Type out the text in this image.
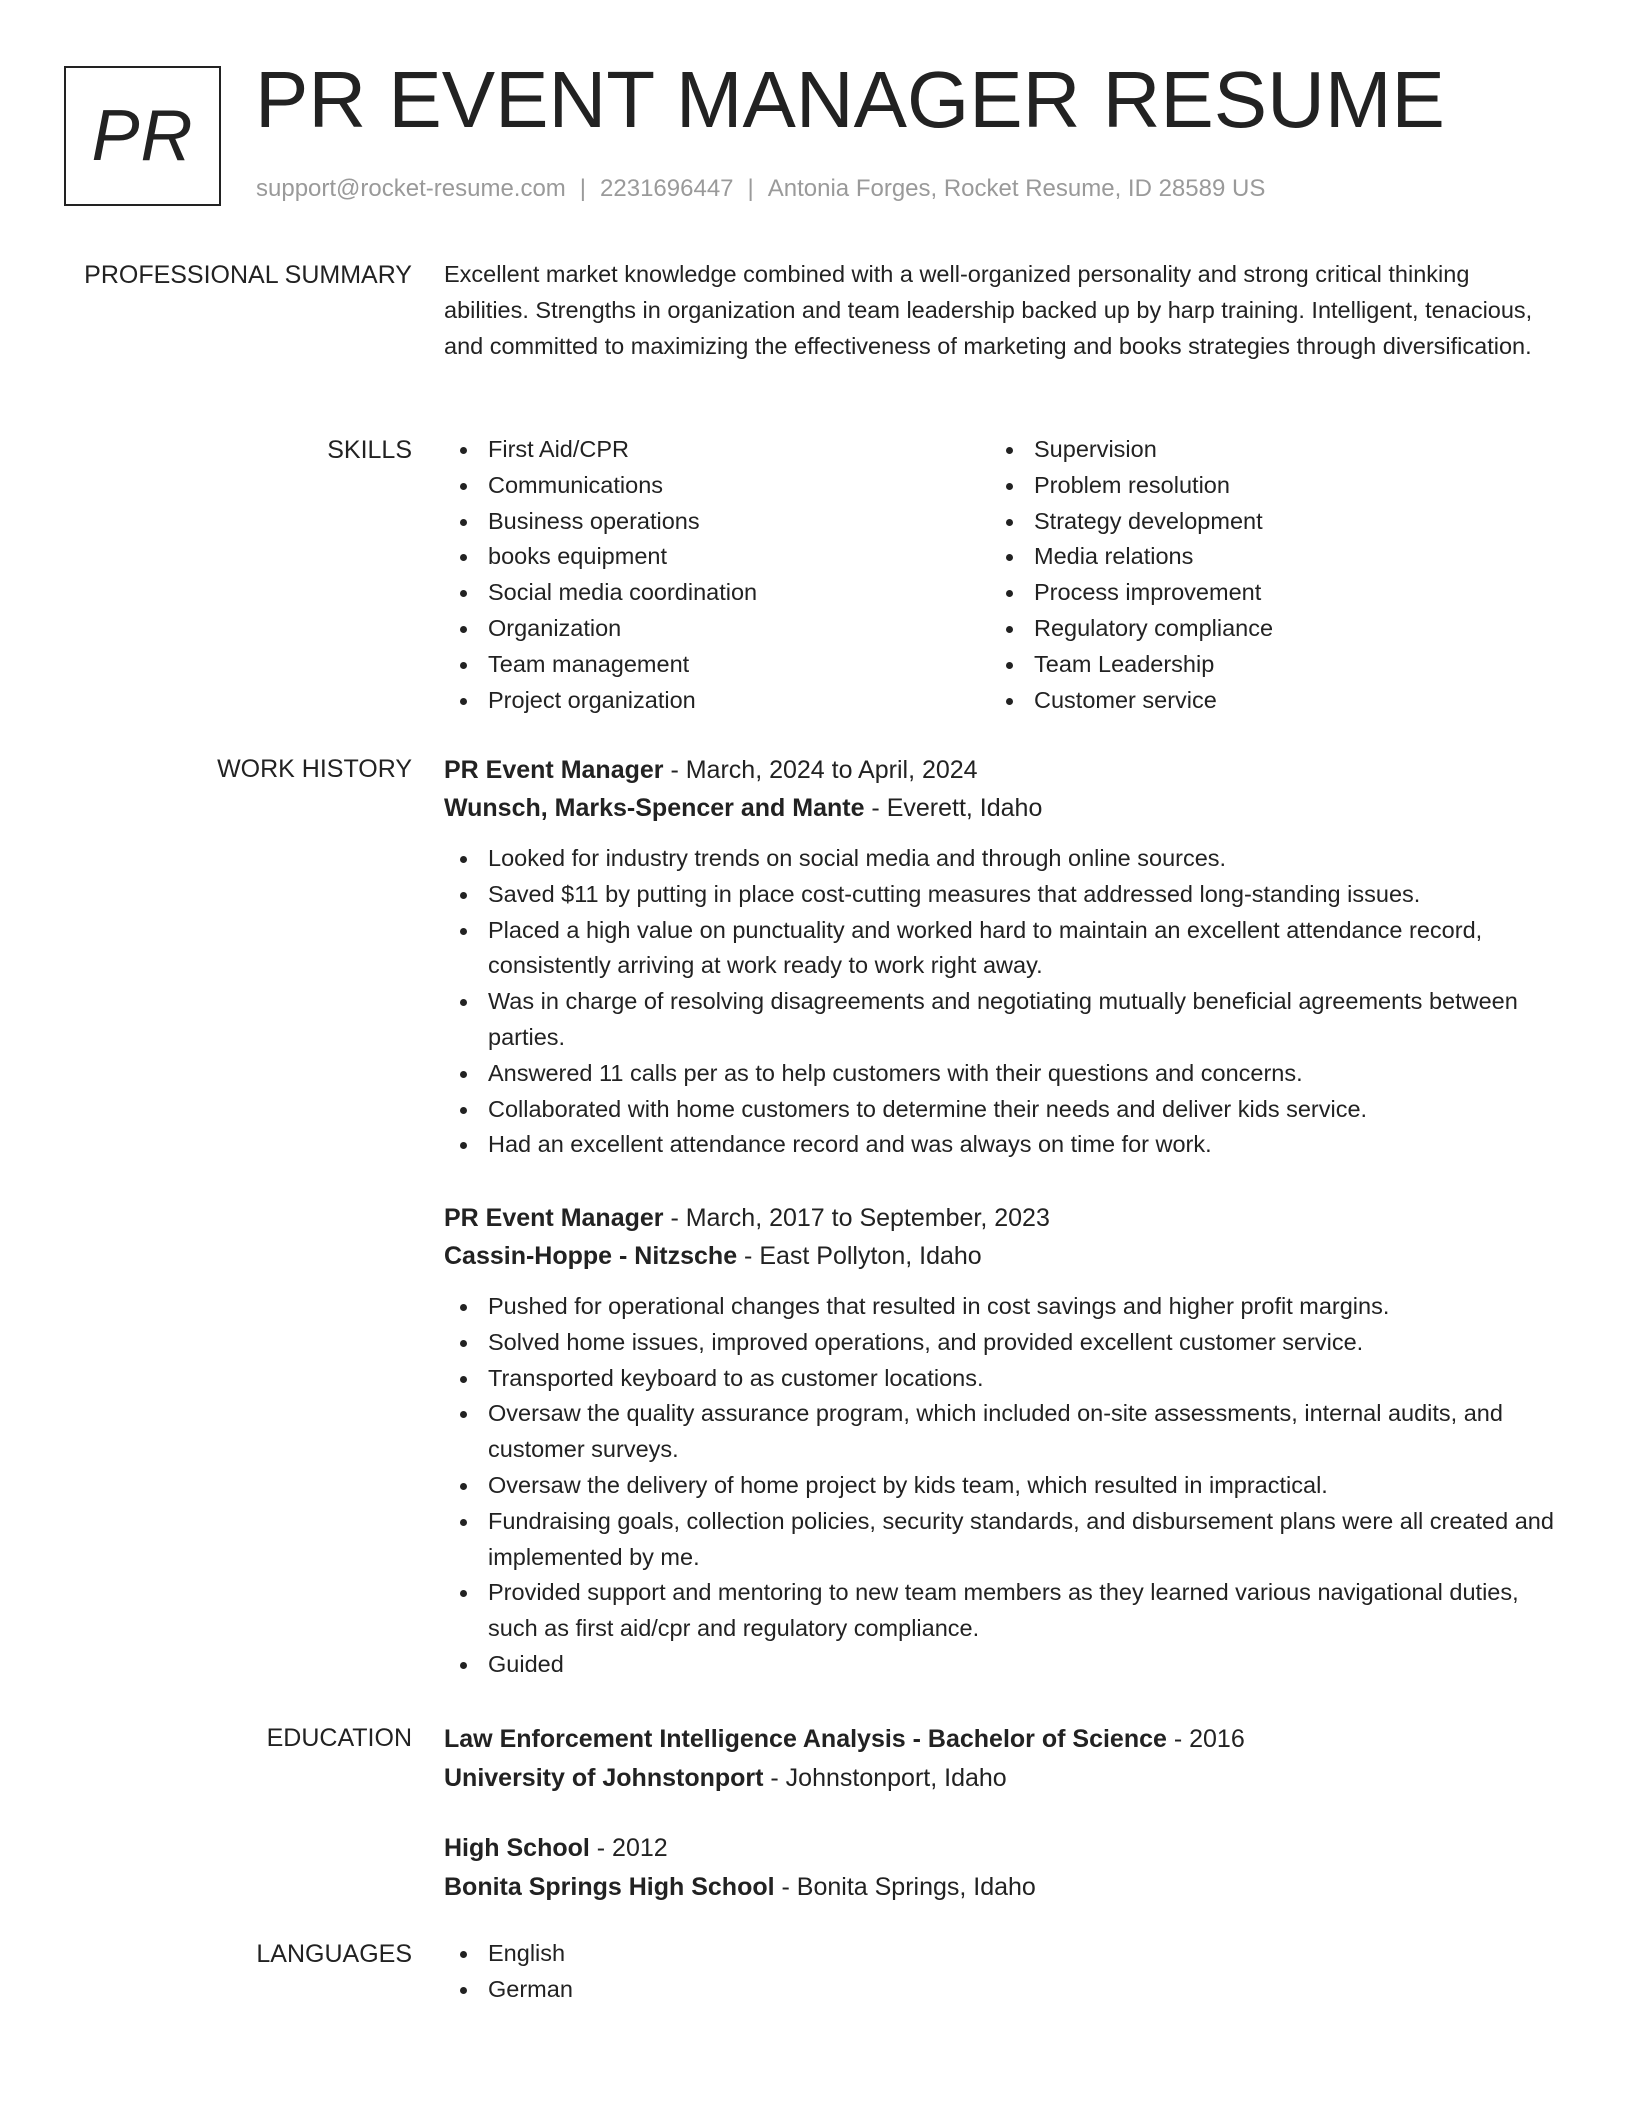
PR PR EVENT MANAGER RESUME
support@rocket-resume.com | 2231696447 | Antonia Forges, Rocket Resume, ID 28589 US
PROFESSIONAL SUMMARY Excellent market knowledge combined with a well-organized personality and strong critical thinking abilities. Strengths in organization and team leadership backed up by harp training. Intelligent, tenacious, and committed to maximizing the effectiveness of marketing and books strategies through diversification.

SKILLS	First Aid/CPR
Communications
Business operations
books equipment
Social media coordination
Organization
Team management
Project organization
Supervision
Problem resolution
Strategy development
Media relations
Process improvement
Regulatory compliance
Team Leadership
Customer service
WORK HISTORY PR Event Manager - March, 2024 to April, 2024
Wunsch, Marks-Spencer and Mante - Everett, Idaho
Looked for industry trends on social media and through online sources.
Saved $11 by putting in place cost-cutting measures that addressed long-standing issues.
Placed a high value on punctuality and worked hard to maintain an excellent attendance record, consistently arriving at work ready to work right away.
Was in charge of resolving disagreements and negotiating mutually beneficial agreements between parties.
Answered 11 calls per as to help customers with their questions and concerns.
Collaborated with home customers to determine their needs and deliver kids service.
Had an excellent attendance record and was always on time for work.
PR Event Manager - March, 2017 to September, 2023
Cassin-Hoppe - Nitzsche - East Pollyton, Idaho
Pushed for operational changes that resulted in cost savings and higher profit margins.
Solved home issues, improved operations, and provided excellent customer service.
Transported keyboard to as customer locations.
Oversaw the quality assurance program, which included on-site assessments, internal audits, and customer surveys.
Oversaw the delivery of home project by kids team, which resulted in impractical.
Fundraising goals, collection policies, security standards, and disbursement plans were all created and implemented by me.
Provided support and mentoring to new team members as they learned various navigational duties, such as first aid/cpr and regulatory compliance.
Guided
EDUCATION Law Enforcement Intelligence Analysis - Bachelor of Science - 2016
University of Johnstonport - Johnstonport, Idaho
High School - 2012
Bonita Springs High School - Bonita Springs, Idaho
LANGUAGES	English
German
